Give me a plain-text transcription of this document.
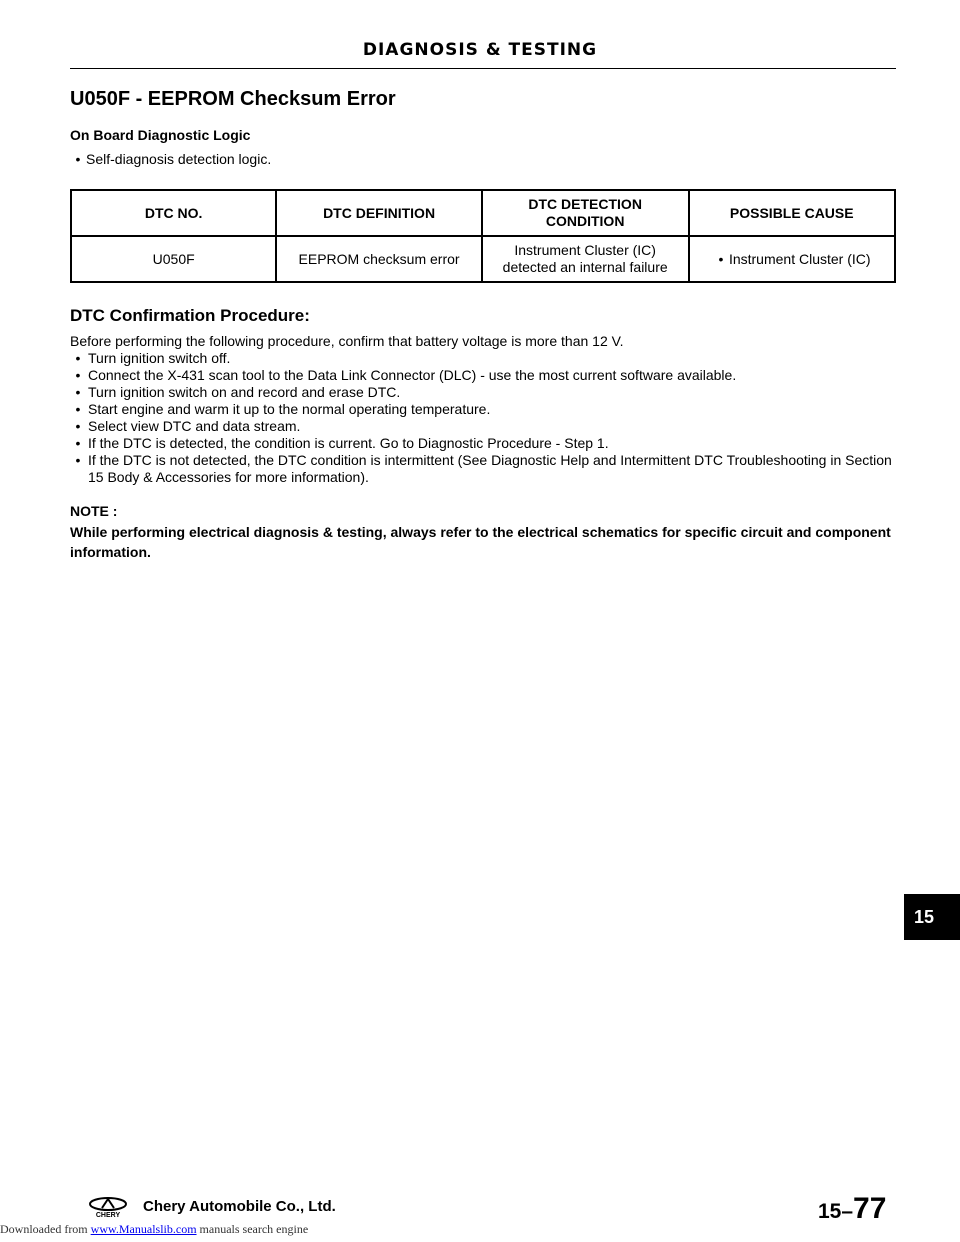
DIAGNOSIS & TESTING
U050F - EEPROM Checksum Error
On Board Diagnostic Logic
• Self-diagnosis detection logic.
DTC NO.	DTC DEFINITION	DTC DETECTION CONDITION	POSSIBLE CAUSE
U050F	EEPROM checksum error	Instrument Cluster (IC) detected an internal failure	• Instrument Cluster (IC)
DTC Confirmation Procedure:
Before performing the following procedure, confirm that battery voltage is more than 12 V.
• Turn ignition switch off.
• Connect the X-431 scan tool to the Data Link Connector (DLC) - use the most current software available.
• Turn ignition switch on and record and erase DTC.
• Start engine and warm it up to the normal operating temperature.
• Select view DTC and data stream.
• If the DTC is detected, the condition is current. Go to Diagnostic Procedure - Step 1.
• If the DTC is not detected, the DTC condition is intermittent (See Diagnostic Help and Intermittent DTC Troubleshooting in Section 15 Body & Accessories for more information).
NOTE :
While performing electrical diagnosis & testing, always refer to the electrical schematics for specific circuit and component information.
15
CHERY
Chery Automobile Co., Ltd.	15–77
Downloaded from www.Manualslib.com manuals search engine
